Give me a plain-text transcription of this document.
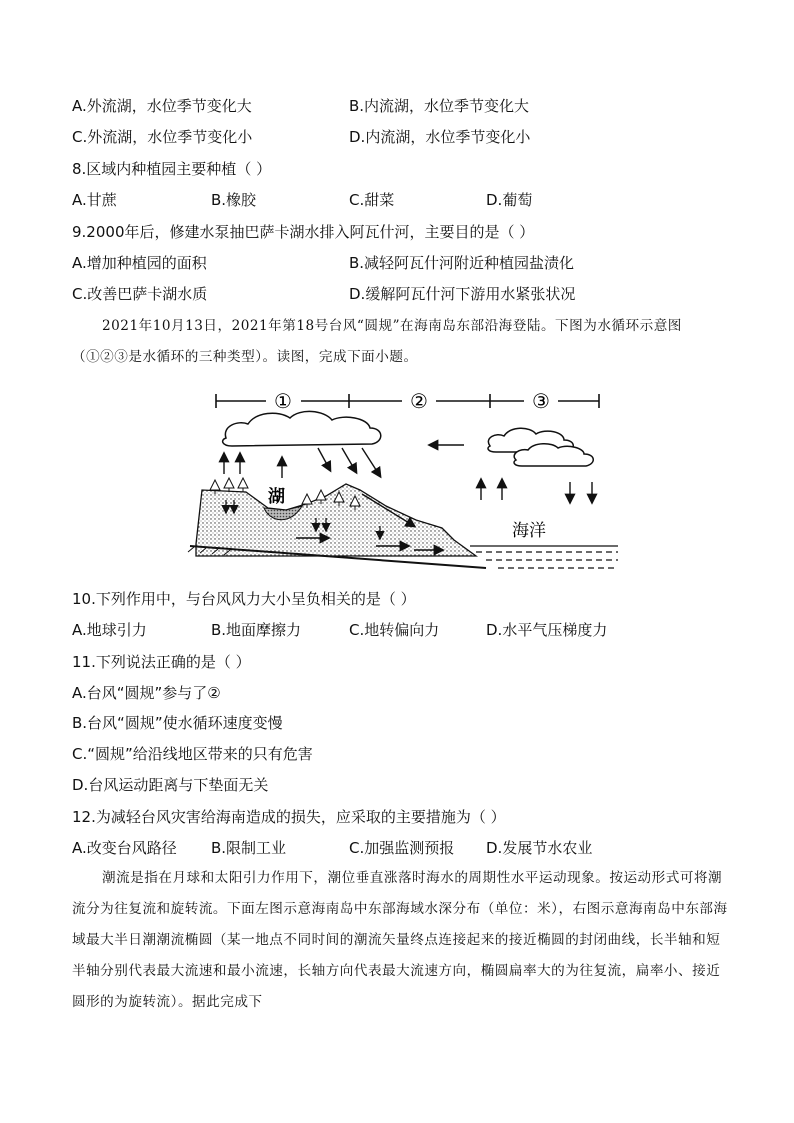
A.外流湖，水位季节变化大	B.内流湖，水位季节变化大
C.外流湖，水位季节变化小	D.内流湖，水位季节变化小
8.区域内种植园主要种植（ ）
A.甘蔗	B.橡胶	C.甜菜	D.葡萄
9.2000年后，修建水泵抽巴萨卡湖水排入阿瓦什河，主要目的是（ ）
A.增加种植园的面积	B.减轻阿瓦什河附近种植园盐渍化
C.改善巴萨卡湖水质	D.缓解阿瓦什河下游用水紧张状况
2021年10月13日，2021年第18号台风“圆规”在海南岛东部沿海登陆。下图为水循环示意图（①②③是水循环的三种类型）。读图，完成下面小题。
①	②	③
湖
海洋
10.下列作用中，与台风风力大小呈负相关的是（ ）
A.地球引力	B.地面摩擦力	C.地转偏向力	D.水平气压梯度力
11.下列说法正确的是（ ）
A.台风“圆规”参与了②
B.台风“圆规”使水循环速度变慢
C.“圆规”给沿线地区带来的只有危害
D.台风运动距离与下垫面无关
12.为减轻台风灾害给海南造成的损失，应采取的主要措施为（ ）
A.改变台风路径 B.限制工业	C.加强监测预报 D.发展节水农业
潮流是指在月球和太阳引力作用下，潮位垂直涨落时海水的周期性水平运动现象。按运动形式可将潮流分为往复流和旋转流。下面左图示意海南岛中东部海域水深分布（单位：米），右图示意海南岛中东部海域最大半日潮潮流椭圆（某一地点不同时间的潮流矢量终点连接起来的接近椭圆的封闭曲线，长半轴和短半轴分别代表最大流速和最小流速，长轴方向代表最大流速方向，椭圆扁率大的为往复流，扁率小、接近圆形的为旋转流）。据此完成下
